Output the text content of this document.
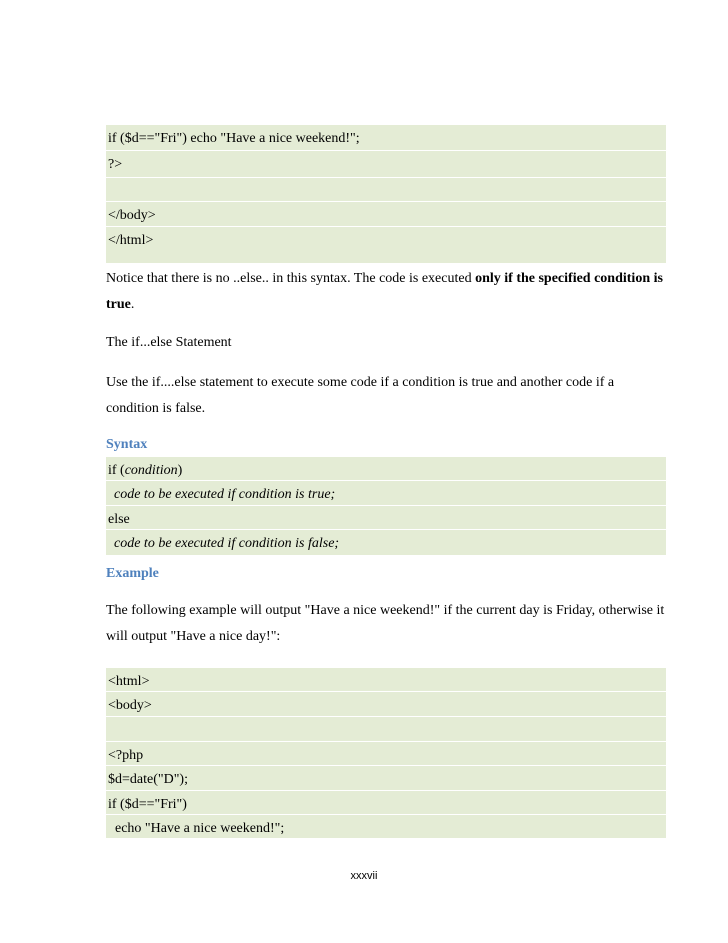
if ($d=="Fri") echo "Have a nice weekend!";
?>
</body>
</html>

Notice that there is no ..else.. in this syntax. The code is executed only if the specified condition is true.

The if...else Statement

Use the if....else statement to execute some code if a condition is true and another code if a condition is false.

Syntax

if (condition)
code to be executed if condition is true;
else
code to be executed if condition is false;

Example

The following example will output "Have a nice weekend!" if the current day is Friday, otherwise it will output "Have a nice day!":

<html>
<body>
<?php
$d=date("D");
if ($d=="Fri")
echo "Have a nice weekend!";
xxxvii
